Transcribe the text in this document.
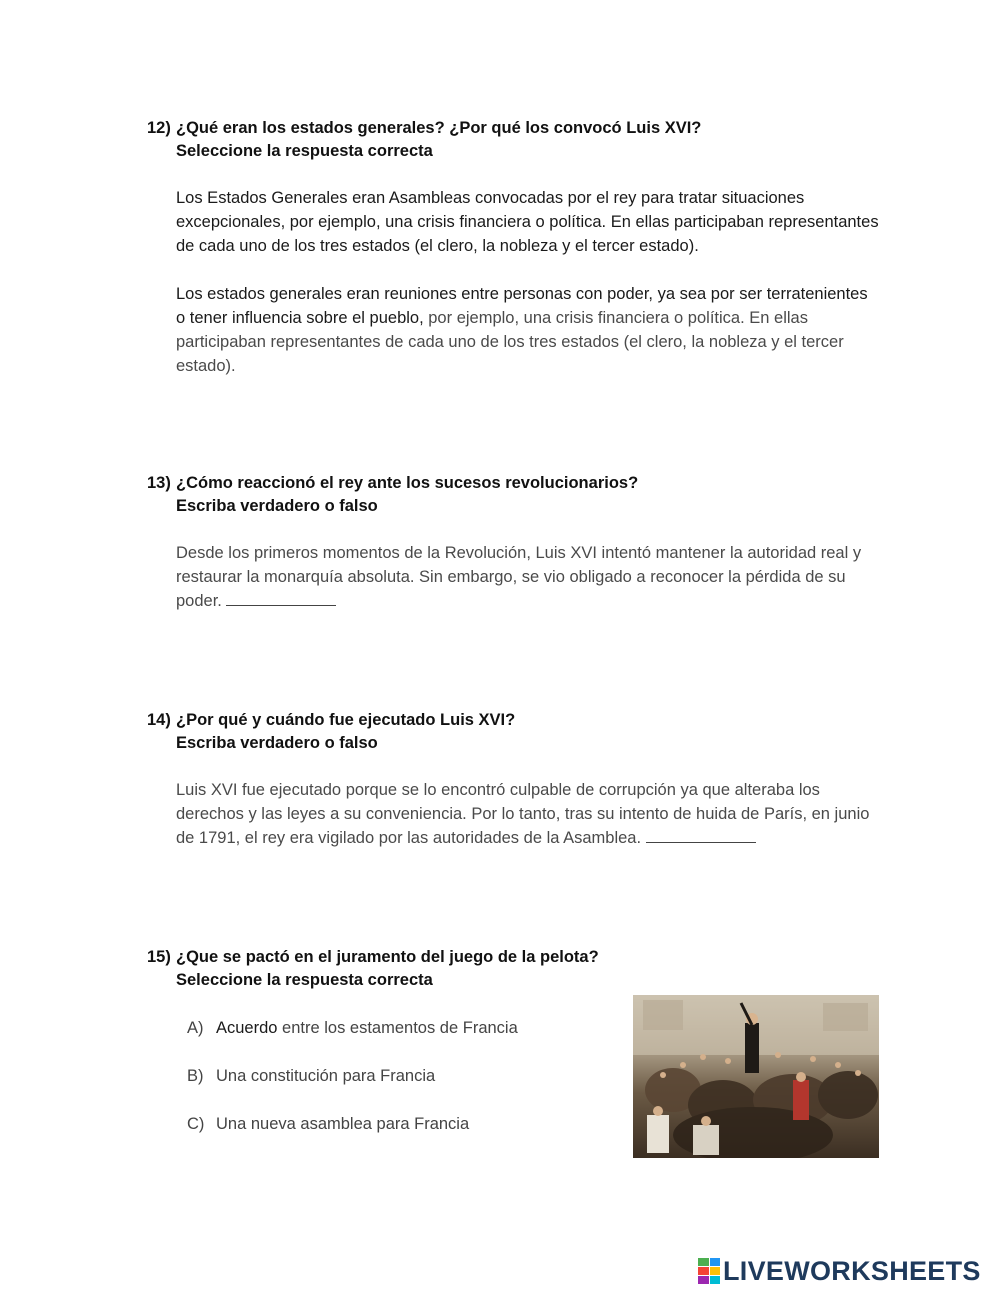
12) ¿Qué eran los estados generales? ¿Por qué los convocó Luis XVI?
Seleccione la respuesta correcta
Los Estados Generales eran Asambleas convocadas por el rey para tratar situaciones excepcionales, por ejemplo, una crisis financiera o política. En ellas participaban representantes de cada uno de los tres estados (el clero, la nobleza y el tercer estado).
Los estados generales eran reuniones entre personas con poder, ya sea por ser terratenientes o tener influencia sobre el pueblo, por ejemplo, una crisis financiera o política. En ellas participaban representantes de cada uno de los tres estados (el clero, la nobleza y el tercer estado).
13) ¿Cómo reaccionó el rey ante los sucesos revolucionarios?
Escriba verdadero o falso
Desde los primeros momentos de la Revolución, Luis XVI intentó mantener la autoridad real y restaurar la monarquía absoluta. Sin embargo, se vio obligado a reconocer la pérdida de su poder.
14) ¿Por qué y cuándo fue ejecutado Luis XVI?
Escriba verdadero o falso
Luis XVI fue ejecutado porque se lo encontró culpable de corrupción ya que alteraba los derechos y las leyes a su conveniencia. Por lo tanto, tras su intento de huida de París, en junio de 1791, el rey era vigilado por las autoridades de la Asamblea.
15) ¿Que se pactó en el juramento del juego de la pelota?
Seleccione la respuesta correcta
A) Acuerdo entre los estamentos de Francia
B) Una constitución para Francia
C) Una nueva asamblea para Francia
LIVEWORKSHEETS
